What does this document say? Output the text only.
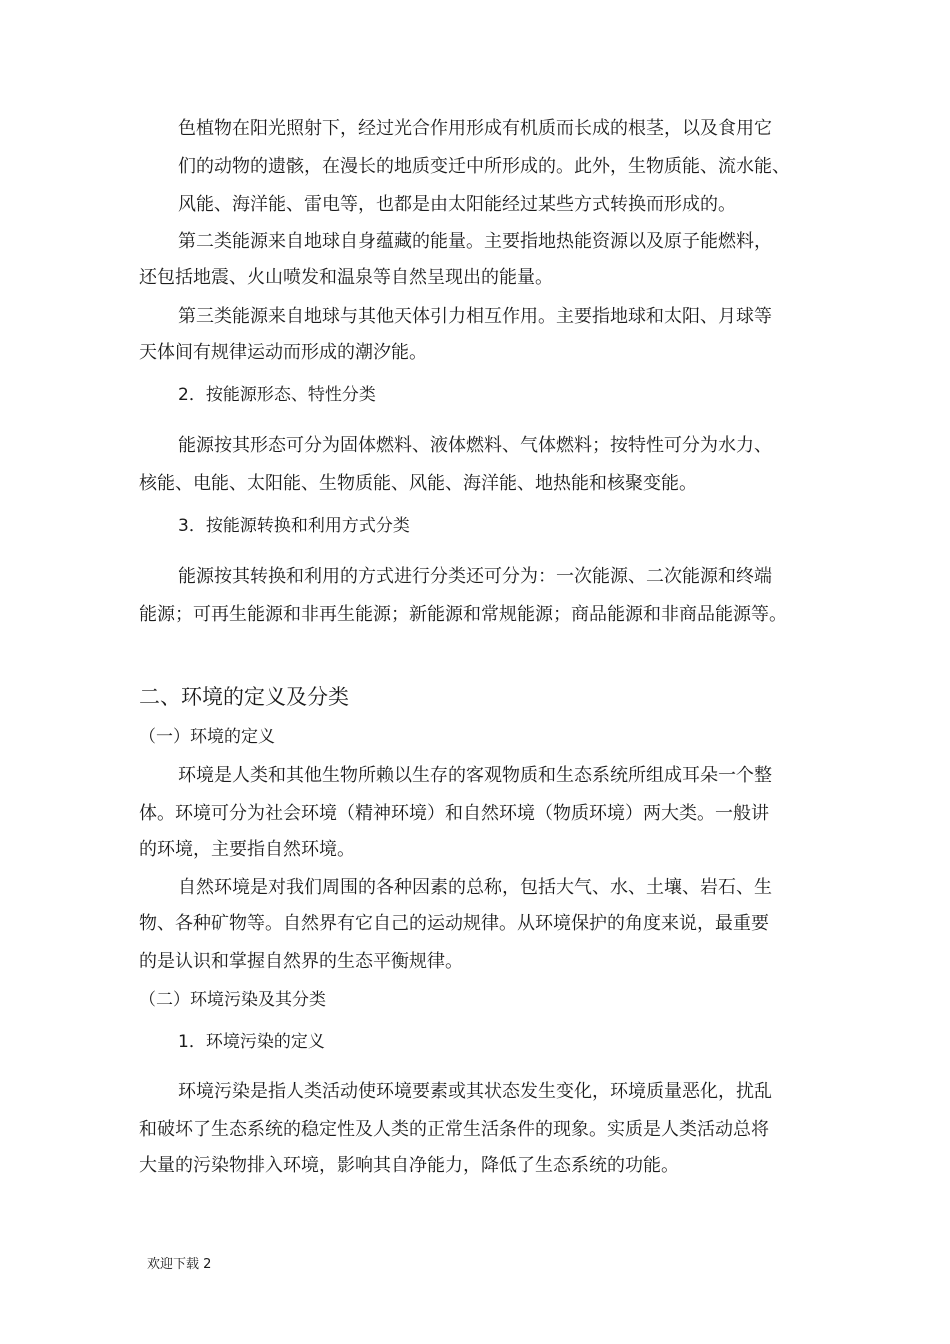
色植物在阳光照射下，经过光合作用形成有机质而长成的根茎，以及食用它
们的动物的遗骸，在漫长的地质变迁中所形成的。此外，生物质能、流水能、
风能、海洋能、雷电等，也都是由太阳能经过某些方式转换而形成的。
第二类能源来自地球自身蕴藏的能量。主要指地热能资源以及原子能燃料，
还包括地震、火山喷发和温泉等自然呈现出的能量。
第三类能源来自地球与其他天体引力相互作用。主要指地球和太阳、月球等
天体间有规律运动而形成的潮汐能。
2．按能源形态、特性分类
能源按其形态可分为固体燃料、液体燃料、气体燃料；按特性可分为水力、
核能、电能、太阳能、生物质能、风能、海洋能、地热能和核聚变能。
3．按能源转换和利用方式分类
能源按其转换和利用的方式进行分类还可分为：一次能源、二次能源和终端
能源；可再生能源和非再生能源；新能源和常规能源；商品能源和非商品能源等。
二、环境的定义及分类
（一）环境的定义
环境是人类和其他生物所赖以生存的客观物质和生态系统所组成耳朵一个整
体。环境可分为社会环境（精神环境）和自然环境（物质环境）两大类。一般讲
的环境，主要指自然环境。
自然环境是对我们周围的各种因素的总称，包括大气、水、土壤、岩石、生
物、各种矿物等。自然界有它自己的运动规律。从环境保护的角度来说，最重要
的是认识和掌握自然界的生态平衡规律。
（二）环境污染及其分类
1．环境污染的定义
环境污染是指人类活动使环境要素或其状态发生变化，环境质量恶化，扰乱
和破坏了生态系统的稳定性及人类的正常生活条件的现象。实质是人类活动总将
大量的污染物排入环境，影响其自净能力，降低了生态系统的功能。
欢迎下载 2
